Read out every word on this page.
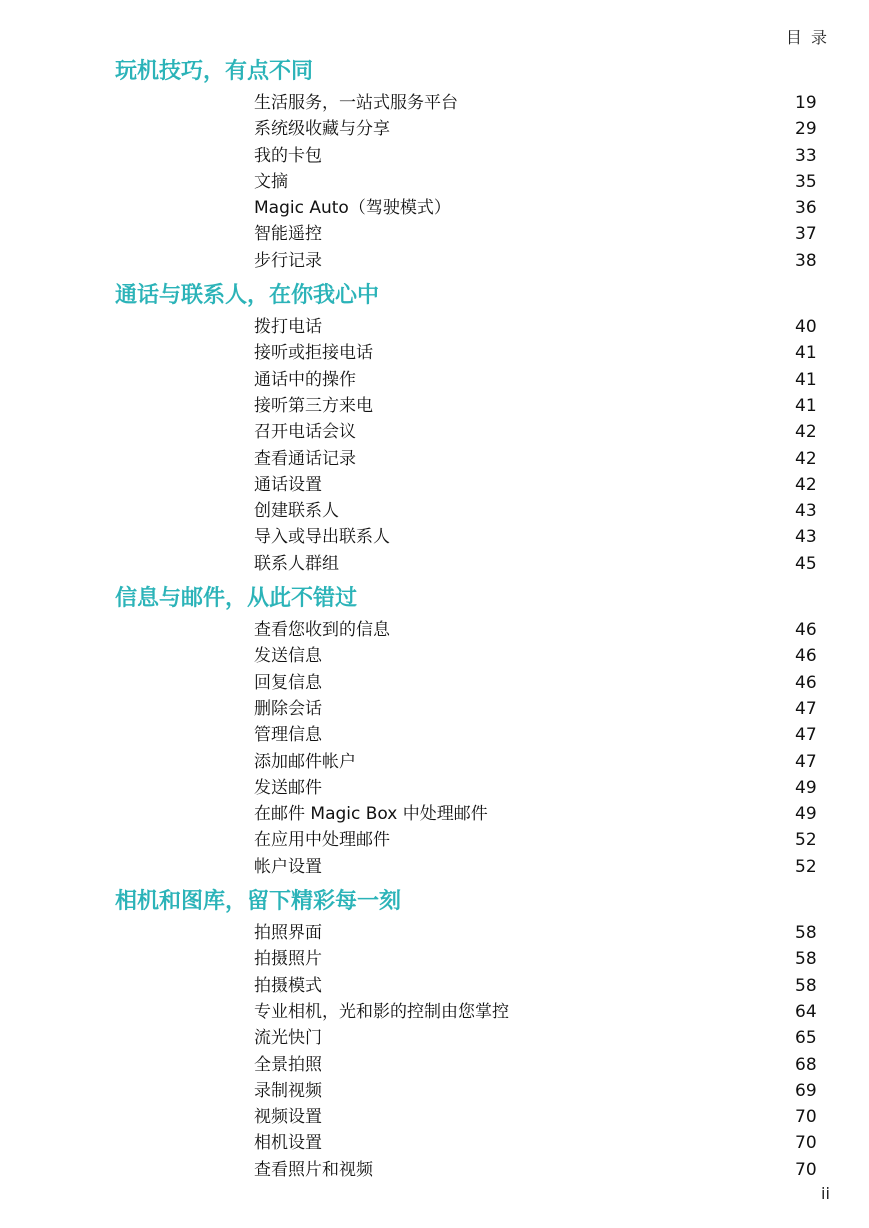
目 录
玩机技巧，有点不同
生活服务，一站式服务平台	19
系统级收藏与分享	29
我的卡包	33
文摘	35
Magic Auto（驾驶模式）	36
智能遥控	37
步行记录	38
通话与联系人，在你我心中
拨打电话	40
接听或拒接电话	41
通话中的操作	41
接听第三方来电	41
召开电话会议	42
查看通话记录	42
通话设置	42
创建联系人	43
导入或导出联系人	43
联系人群组	45
信息与邮件，从此不错过
查看您收到的信息	46
发送信息	46
回复信息	46
删除会话	47
管理信息	47
添加邮件帐户	47
发送邮件	49
在邮件 Magic Box 中处理邮件	49
在应用中处理邮件	52
帐户设置	52
相机和图库，留下精彩每一刻
拍照界面	58
拍摄照片	58
拍摄模式	58
专业相机，光和影的控制由您掌控	64
流光快门	65
全景拍照	68
录制视频	69
视频设置	70
相机设置	70
查看照片和视频	70
ii
